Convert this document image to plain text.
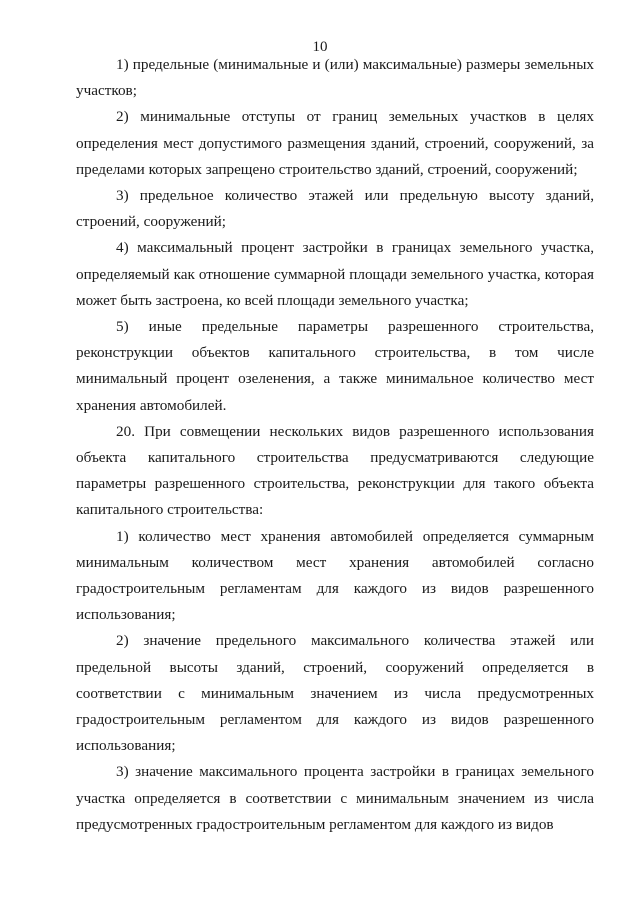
10

1) предельные (минимальные и (или) максимальные) размеры земельных участков;

2) минимальные отступы от границ земельных участков в целях определения мест допустимого размещения зданий, строений, сооружений, за пределами которых запрещено строительство зданий, строений, сооружений;

3) предельное количество этажей или предельную высоту зданий, строений, сооружений;

4) максимальный процент застройки в границах земельного участка, определяемый как отношение суммарной площади земельного участка, которая может быть застроена, ко всей площади земельного участка;

5) иные предельные параметры разрешенного строительства, реконструкции объектов капитального строительства, в том числе минимальный процент озеленения, а также минимальное количество мест хранения автомобилей.

20. При совмещении нескольких видов разрешенного использования объекта капитального строительства предусматриваются следующие параметры разрешенного строительства, реконструкции для такого объекта капитального строительства:

1) количество мест хранения автомобилей определяется суммарным минимальным количеством мест хранения автомобилей согласно градостроительным регламентам для каждого из видов разрешенного использования;

2) значение предельного максимального количества этажей или предельной высоты зданий, строений, сооружений определяется в соответствии с минимальным значением из числа предусмотренных градостроительным регламентом для каждого из видов разрешенного использования;

3) значение максимального процента застройки в границах земельного участка определяется в соответствии с минимальным значением из числа предусмотренных градостроительным регламентом для каждого из видов
